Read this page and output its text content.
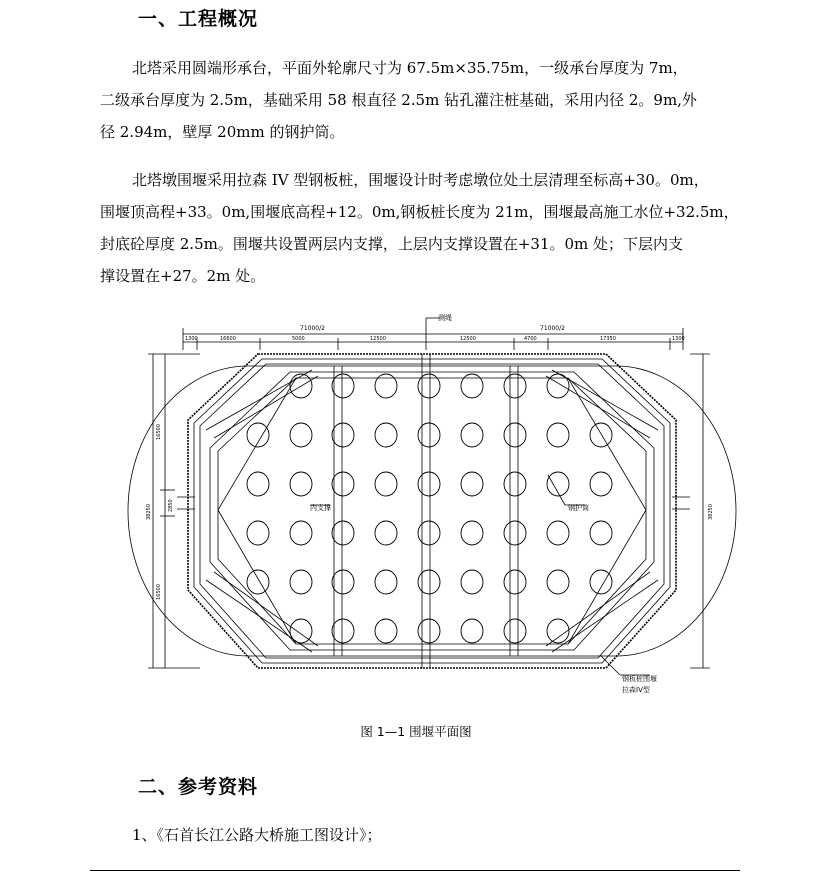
一、工程概况
北塔采用圆端形承台，平面外轮廓尺寸为 67.5m×35.75m，一级承台厚度为 7m，
二级承台厚度为 2.5m，基础采用 58 根直径 2.5m 钻孔灌注桩基础，采用内径 2。9m,外
径 2.94m，壁厚 20mm 的钢护筒。
北塔墩围堰采用拉森 IV 型钢板桩，围堰设计时考虑墩位处土层清理至标高+30。0m，
围堰顶高程+33。0m,围堰底高程+12。0m,钢板桩长度为 21m，围堰最高施工水位+32.5m，
封底砼厚度 2.5m。围堰共设置两层内支撑，上层内支撑设置在+31。0m 处；下层内支
撑设置在+27。2m 处。
71000/2	71000/2
测绳
内支撑	钢护筒
钢板桩围堰
拉森IV型
1300	16600	5000	12500	12500	4700	17350	1300
16500
2850
16500
38250	38250
图 1—1 围堰平面图
二、参考资料
1、《石首长江公路大桥施工图设计》；
